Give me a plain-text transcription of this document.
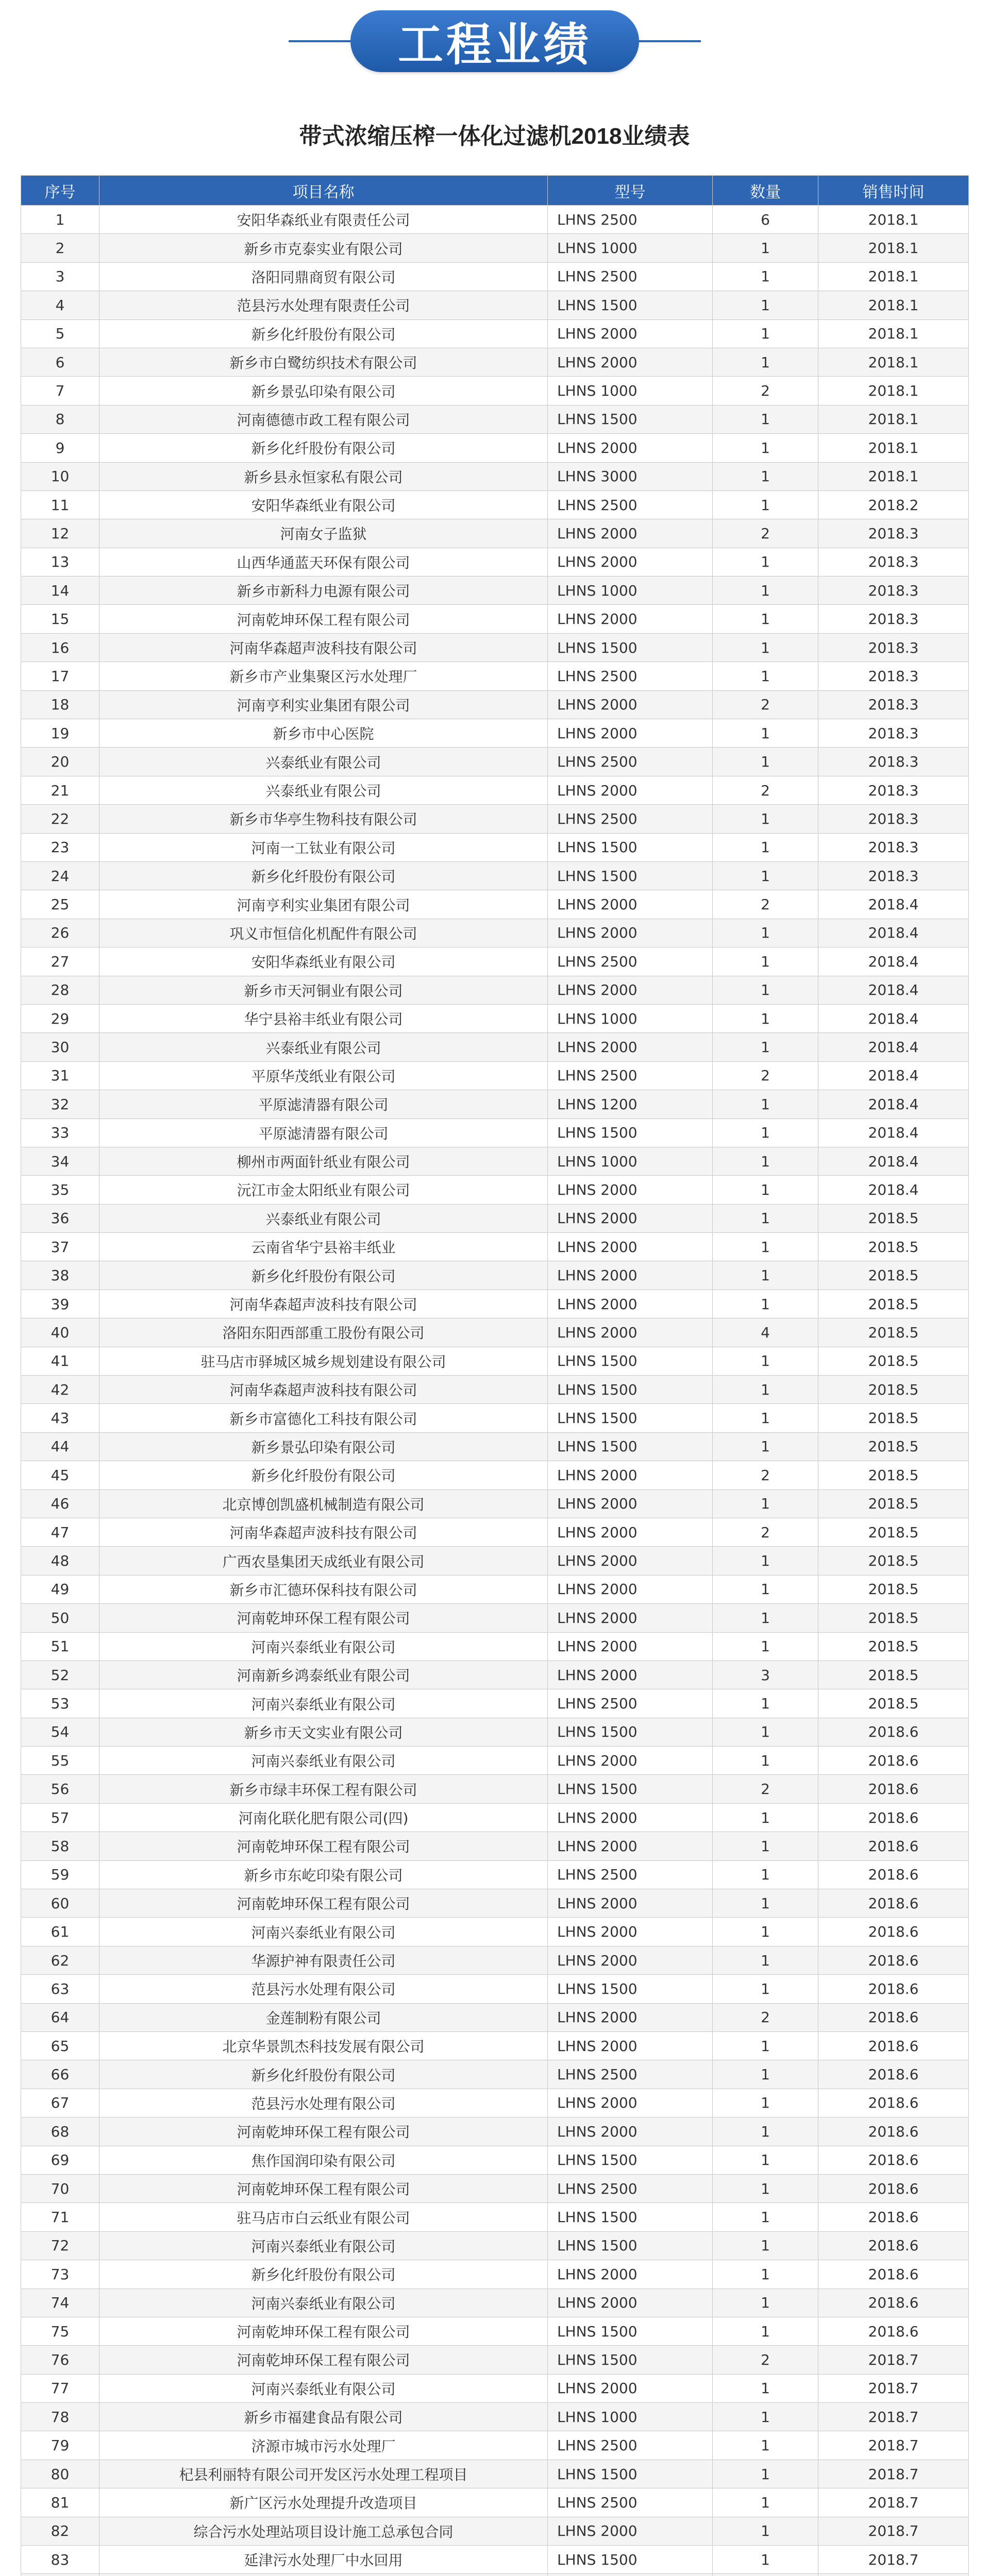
工程业绩
带式浓缩压榨一体化过滤机2018业绩表
序号	项目名称	型号	数量	销售时间
1	安阳华森纸业有限责任公司	LHNS 2500	6	2018.1
2	新乡市克泰实业有限公司	LHNS 1000	1	2018.1
3	洛阳同鼎商贸有限公司	LHNS 2500	1	2018.1
4	范县污水处理有限责任公司	LHNS 1500	1	2018.1
5	新乡化纤股份有限公司	LHNS 2000	1	2018.1
6	新乡市白鹭纺织技术有限公司	LHNS 2000	1	2018.1
7	新乡景弘印染有限公司	LHNS 1000	2	2018.1
8	河南德德市政工程有限公司	LHNS 1500	1	2018.1
9	新乡化纤股份有限公司	LHNS 2000	1	2018.1
10	新乡县永恒家私有限公司	LHNS 3000	1	2018.1
11	安阳华森纸业有限公司	LHNS 2500	1	2018.2
12	河南女子监狱	LHNS 2000	2	2018.3
13	山西华通蓝天环保有限公司	LHNS 2000	1	2018.3
14	新乡市新科力电源有限公司	LHNS 1000	1	2018.3
15	河南乾坤环保工程有限公司	LHNS 2000	1	2018.3
16	河南华森超声波科技有限公司	LHNS 1500	1	2018.3
17	新乡市产业集聚区污水处理厂	LHNS 2500	1	2018.3
18	河南亨利实业集团有限公司	LHNS 2000	2	2018.3
19	新乡市中心医院	LHNS 2000	1	2018.3
20	兴泰纸业有限公司	LHNS 2500	1	2018.3
21	兴泰纸业有限公司	LHNS 2000	2	2018.3
22	新乡市华亭生物科技有限公司	LHNS 2500	1	2018.3
23	河南一工钛业有限公司	LHNS 1500	1	2018.3
24	新乡化纤股份有限公司	LHNS 1500	1	2018.3
25	河南亨利实业集团有限公司	LHNS 2000	2	2018.4
26	巩义市恒信化机配件有限公司	LHNS 2000	1	2018.4
27	安阳华森纸业有限公司	LHNS 2500	1	2018.4
28	新乡市天河铜业有限公司	LHNS 2000	1	2018.4
29	华宁县裕丰纸业有限公司	LHNS 1000	1	2018.4
30	兴泰纸业有限公司	LHNS 2000	1	2018.4
31	平原华茂纸业有限公司	LHNS 2500	2	2018.4
32	平原滤清器有限公司	LHNS 1200	1	2018.4
33	平原滤清器有限公司	LHNS 1500	1	2018.4
34	柳州市两面针纸业有限公司	LHNS 1000	1	2018.4
35	沅江市金太阳纸业有限公司	LHNS 2000	1	2018.4
36	兴泰纸业有限公司	LHNS 2000	1	2018.5
37	云南省华宁县裕丰纸业	LHNS 2000	1	2018.5
38	新乡化纤股份有限公司	LHNS 2000	1	2018.5
39	河南华森超声波科技有限公司	LHNS 2000	1	2018.5
40	洛阳东阳西部重工股份有限公司	LHNS 2000	4	2018.5
41	驻马店市驿城区城乡规划建设有限公司	LHNS 1500	1	2018.5
42	河南华森超声波科技有限公司	LHNS 1500	1	2018.5
43	新乡市富德化工科技有限公司	LHNS 1500	1	2018.5
44	新乡景弘印染有限公司	LHNS 1500	1	2018.5
45	新乡化纤股份有限公司	LHNS 2000	2	2018.5
46	北京博创凯盛机械制造有限公司	LHNS 2000	1	2018.5
47	河南华森超声波科技有限公司	LHNS 2000	2	2018.5
48	广西农垦集团天成纸业有限公司	LHNS 2000	1	2018.5
49	新乡市汇德环保科技有限公司	LHNS 2000	1	2018.5
50	河南乾坤环保工程有限公司	LHNS 2000	1	2018.5
51	河南兴泰纸业有限公司	LHNS 2000	1	2018.5
52	河南新乡鸿泰纸业有限公司	LHNS 2000	3	2018.5
53	河南兴泰纸业有限公司	LHNS 2500	1	2018.5
54	新乡市天文实业有限公司	LHNS 1500	1	2018.6
55	河南兴泰纸业有限公司	LHNS 2000	1	2018.6
56	新乡市绿丰环保工程有限公司	LHNS 1500	2	2018.6
57	河南化联化肥有限公司(四)	LHNS 2000	1	2018.6
58	河南乾坤环保工程有限公司	LHNS 2000	1	2018.6
59	新乡市东屹印染有限公司	LHNS 2500	1	2018.6
60	河南乾坤环保工程有限公司	LHNS 2000	1	2018.6
61	河南兴泰纸业有限公司	LHNS 2000	1	2018.6
62	华源护神有限责任公司	LHNS 2000	1	2018.6
63	范县污水处理有限公司	LHNS 1500	1	2018.6
64	金莲制粉有限公司	LHNS 2000	2	2018.6
65	北京华景凯杰科技发展有限公司	LHNS 2000	1	2018.6
66	新乡化纤股份有限公司	LHNS 2500	1	2018.6
67	范县污水处理有限公司	LHNS 2000	1	2018.6
68	河南乾坤环保工程有限公司	LHNS 2000	1	2018.6
69	焦作国润印染有限公司	LHNS 1500	1	2018.6
70	河南乾坤环保工程有限公司	LHNS 2500	1	2018.6
71	驻马店市白云纸业有限公司	LHNS 1500	1	2018.6
72	河南兴泰纸业有限公司	LHNS 1500	1	2018.6
73	新乡化纤股份有限公司	LHNS 2000	1	2018.6
74	河南兴泰纸业有限公司	LHNS 2000	1	2018.6
75	河南乾坤环保工程有限公司	LHNS 1500	1	2018.6
76	河南乾坤环保工程有限公司	LHNS 1500	2	2018.7
77	河南兴泰纸业有限公司	LHNS 2000	1	2018.7
78	新乡市福建食品有限公司	LHNS 1000	1	2018.7
79	济源市城市污水处理厂	LHNS 2500	1	2018.7
80	杞县利丽特有限公司开发区污水处理工程项目	LHNS 1500	1	2018.7
81	新广区污水处理提升改造项目	LHNS 2500	1	2018.7
82	综合污水处理站项目设计施工总承包合同	LHNS 2000	1	2018.7
83	延津污水处理厂中水回用	LHNS 1500	1	2018.7
